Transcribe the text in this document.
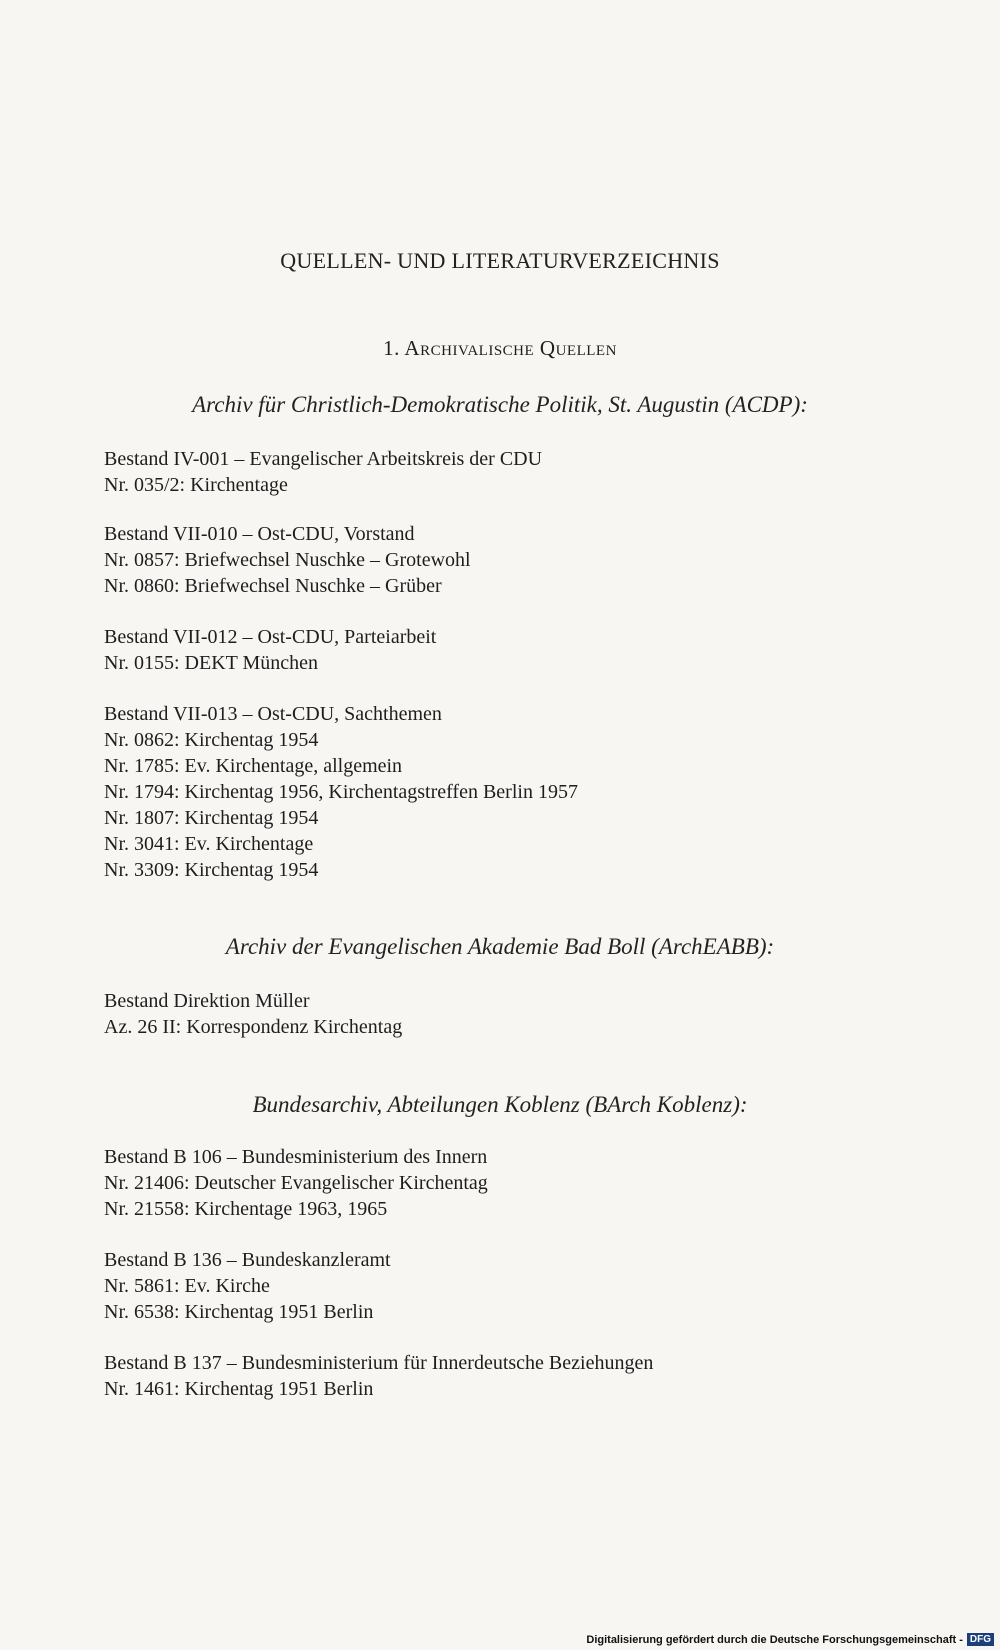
QUELLEN- UND LITERATURVERZEICHNIS
1. Archivalische Quellen
Archiv für Christlich-Demokratische Politik, St. Augustin (ACDP):
Bestand IV-001 – Evangelischer Arbeitskreis der CDU
Nr. 035/2: Kirchentage
Bestand VII-010 – Ost-CDU, Vorstand
Nr. 0857: Briefwechsel Nuschke – Grotewohl
Nr. 0860: Briefwechsel Nuschke – Grüber
Bestand VII-012 – Ost-CDU, Parteiarbeit
Nr. 0155: DEKT München
Bestand VII-013 – Ost-CDU, Sachthemen
Nr. 0862: Kirchentag 1954
Nr. 1785: Ev. Kirchentage, allgemein
Nr. 1794: Kirchentag 1956, Kirchentagstreffen Berlin 1957
Nr. 1807: Kirchentag 1954
Nr. 3041: Ev. Kirchentage
Nr. 3309: Kirchentag 1954
Archiv der Evangelischen Akademie Bad Boll (ArchEABB):
Bestand Direktion Müller
Az. 26 II: Korrespondenz Kirchentag
Bundesarchiv, Abteilungen Koblenz (BArch Koblenz):
Bestand B 106 – Bundesministerium des Innern
Nr. 21406: Deutscher Evangelischer Kirchentag
Nr. 21558: Kirchentage 1963, 1965
Bestand B 136 – Bundeskanzleramt
Nr. 5861: Ev. Kirche
Nr. 6538: Kirchentag 1951 Berlin
Bestand B 137 – Bundesministerium für Innerdeutsche Beziehungen
Nr. 1461: Kirchentag 1951 Berlin
Digitalisierung gefördert durch die Deutsche Forschungsgemeinschaft - DFG
